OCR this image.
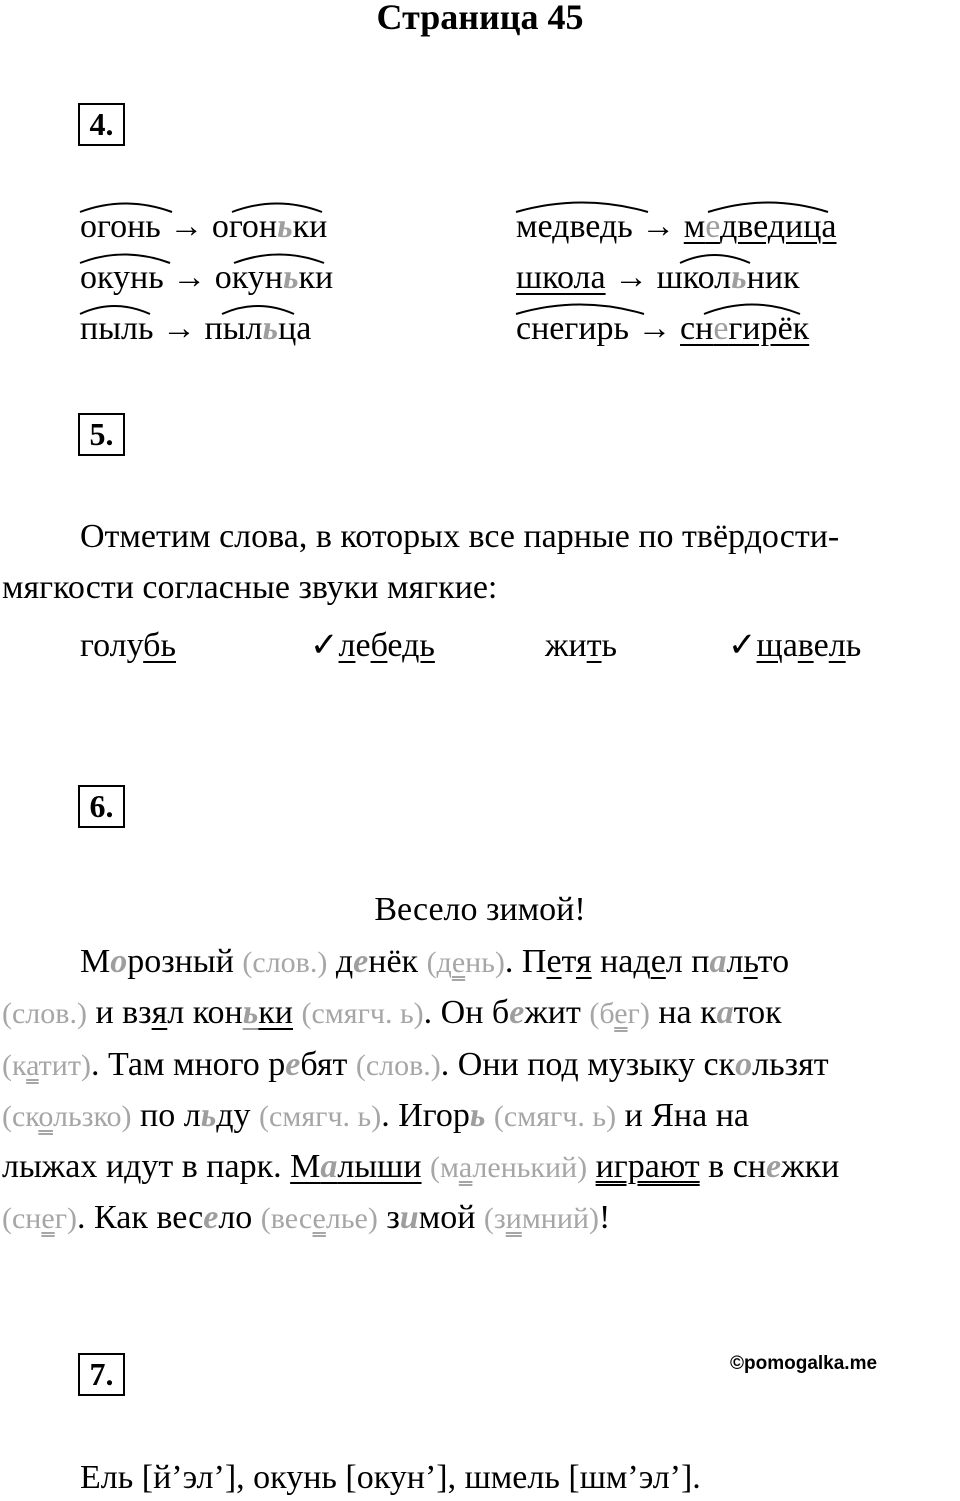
Страница 45
4.
огонь → огоньки
окунь → окуньки
пыль → пыльца
медведь → медведица
школа → школьник
снегирь → снегирёк
5.
Отметим слова, в которых все парные по твёрдости-
мягкости согласные звуки мягкие:
голубь	✓лебедь	жить	✓щавель
6.
Весело зимой!
Морозный (слов.) денёк (день). Петя надел пальто
(слов.) и взял коньки (смягч. ь). Он бежит (бег) на каток
(катит). Там много ребят (слов.). Они под музыку скользят
(скользко) по льду (смягч. ь). Игорь (смягч. ь) и Яна на
лыжах идут в парк. Малыши (маленький) играют в снежки
(снег). Как весело (веселье) зимой (зимний)!
7.	©pomogalka.me
Ель [й’эл’], окунь [окун’], шмель [шм’эл’].
